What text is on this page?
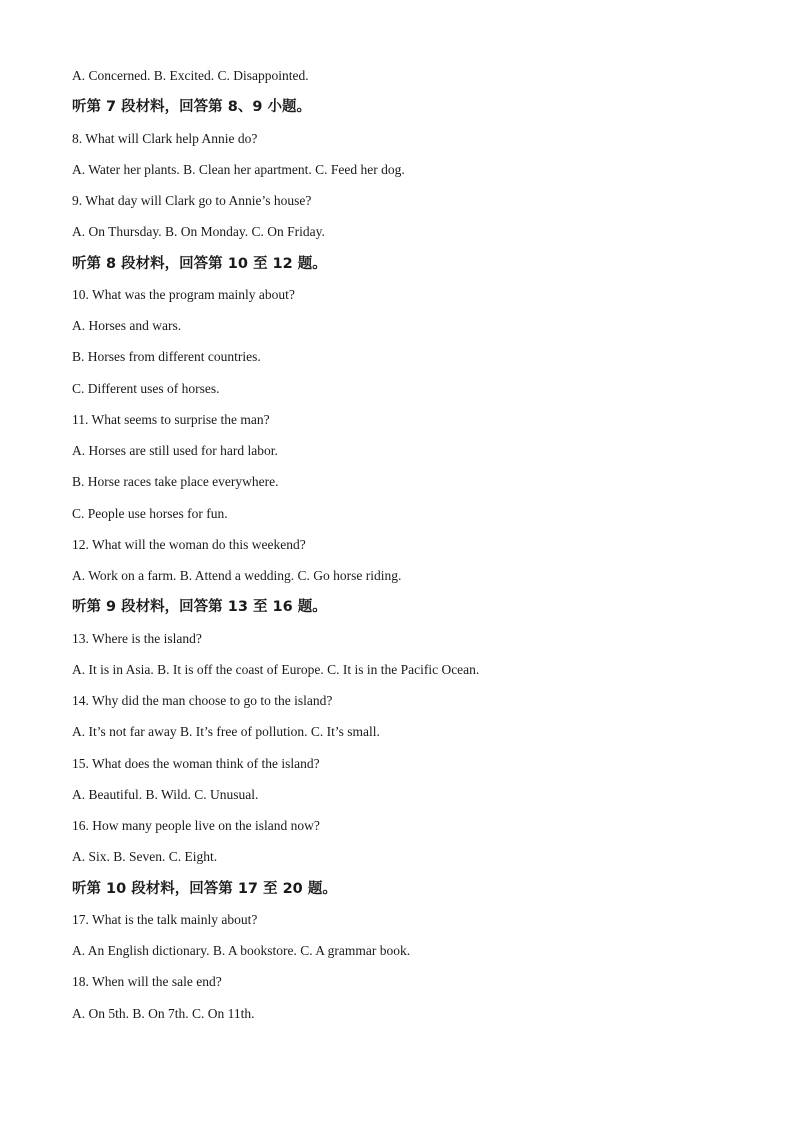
A. Concerned. B. Excited. C. Disappointed.
听第 7 段材料，回答第 8、9 小题。
8. What will Clark help Annie do?
A. Water her plants. B. Clean her apartment. C. Feed her dog.
9. What day will Clark go to Annie’s house?
A. On Thursday. B. On Monday. C. On Friday.
听第 8 段材料，回答第 10 至 12 题。
10. What was the program mainly about?
A. Horses and wars.
B. Horses from different countries.
C. Different uses of horses.
11. What seems to surprise the man?
A. Horses are still used for hard labor.
B. Horse races take place everywhere.
C. People use horses for fun.
12. What will the woman do this weekend?
A. Work on a farm. B. Attend a wedding. C. Go horse riding.
听第 9 段材料，回答第 13 至 16 题。
13. Where is the island?
A. It is in Asia. B. It is off the coast of Europe. C. It is in the Pacific Ocean.
14. Why did the man choose to go to the island?
A. It’s not far away B. It’s free of pollution. C. It’s small.
15. What does the woman think of the island?
A. Beautiful. B. Wild. C. Unusual.
16. How many people live on the island now?
A. Six. B. Seven. C. Eight.
听第 10 段材料，回答第 17 至 20 题。
17. What is the talk mainly about?
A. An English dictionary. B. A bookstore. C. A grammar book.
18. When will the sale end?
A. On 5th. B. On 7th. C. On 11th.
